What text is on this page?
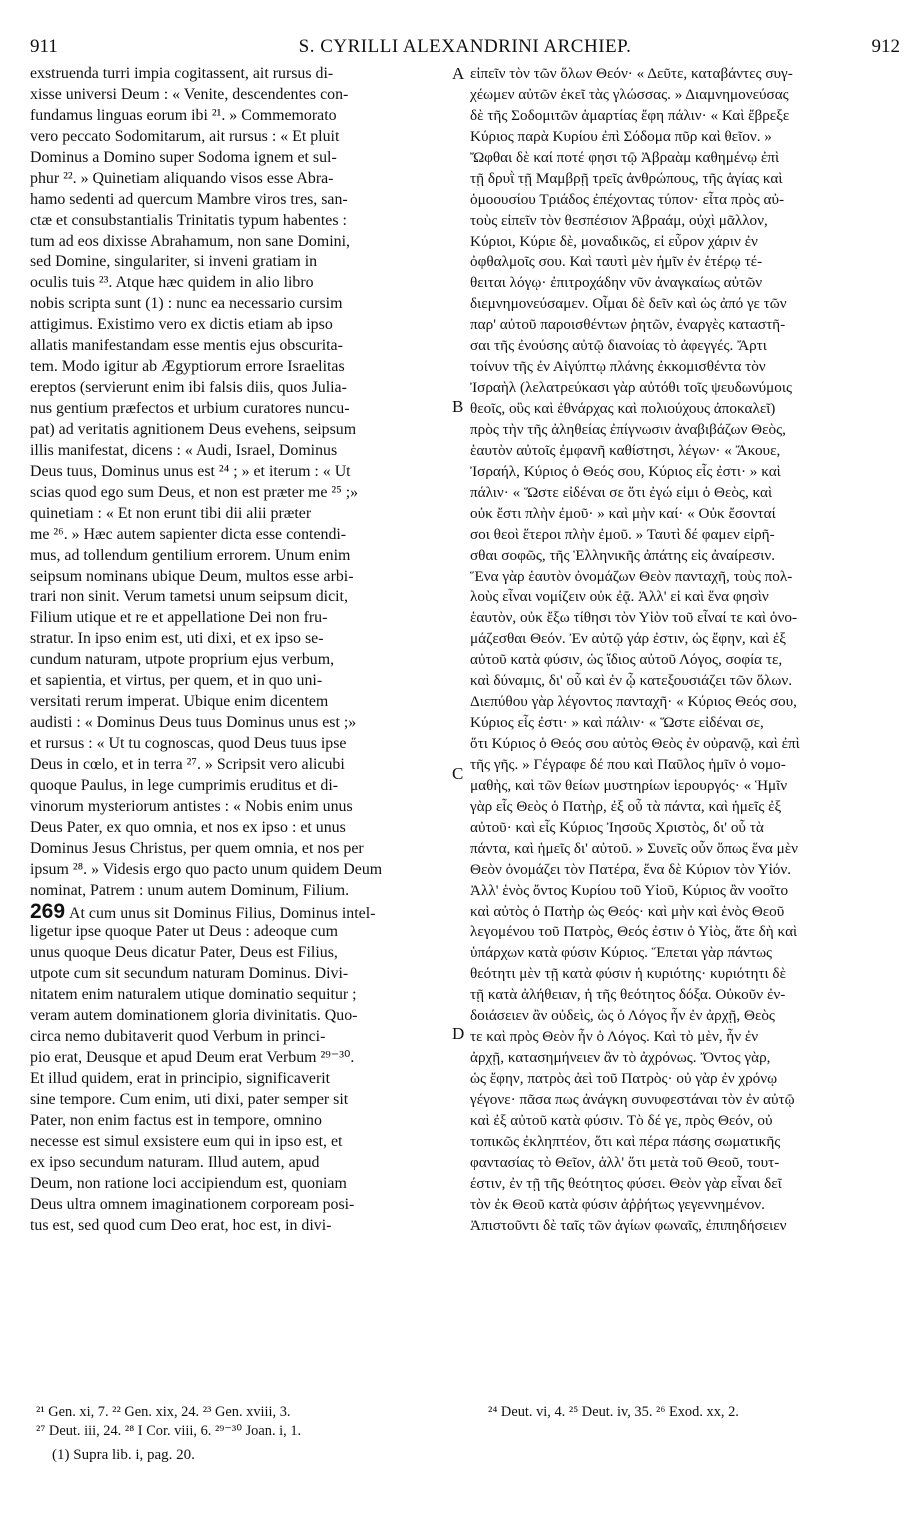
911	S. CYRILLI ALEXANDRINI ARCHIEP.	912
exstruenda turri impia cogitassent, ait rursus di-
xisse universi Deum : « Venite, descendentes con-
fundamus linguas eorum ibi ²¹. » Commemorato
vero peccato Sodomitarum, ait rursus : « Et pluit
Dominus a Domino super Sodoma ignem et sul-
phur ²². » Quinetiam aliquando visos esse Abra-
hamo sedenti ad quercum Mambre viros tres, san-
ctæ et consubstantialis Trinitatis typum habentes :
tum ad eos dixisse Abrahamum, non sane Domini,
sed Domine, singulariter, si inveni gratiam in
oculis tuis ²³. Atque hæc quidem in alio libro
nobis scripta sunt (1) : nunc ea necessario cursim
attigimus. Existimo vero ex dictis etiam ab ipso
allatis manifestandam esse mentis ejus obscurita-
tem. Modo igitur ab Ægyptiorum errore Israelitas
ereptos (servierunt enim ibi falsis diis, quos Julia-
nus gentium præfectos et urbium curatores nuncu-
pat) ad veritatis agnitionem Deus evehens, seipsum
illis manifestat, dicens : « Audi, Israel, Dominus
Deus tuus, Dominus unus est ²⁴ ; » et iterum : « Ut
scias quod ego sum Deus, et non est præter me ²⁵ ;»
quinetiam : « Et non erunt tibi dii alii præter
me ²⁶. » Hæc autem sapienter dicta esse contendi-
mus, ad tollendum gentilium errorem. Unum enim
seipsum nominans ubique Deum, multos esse arbi-
trari non sinit. Verum tametsi unum seipsum dicit,
Filium utique et re et appellatione Dei non fru-
stratur. In ipso enim est, uti dixi, et ex ipso se-
cundum naturam, utpote proprium ejus verbum,
et sapientia, et virtus, per quem, et in quo uni-
versitati rerum imperat. Ubique enim dicentem
audisti : « Dominus Deus tuus Dominus unus est ;»
et rursus : « Ut tu cognoscas, quod Deus tuus ipse
Deus in cœlo, et in terra ²⁷. » Scripsit vero alicubi
quoque Paulus, in lege cumprimis eruditus et di-
vinorum mysteriorum antistes : « Nobis enim unus
Deus Pater, ex quo omnia, et nos ex ipso : et unus
Dominus Jesus Christus, per quem omnia, et nos per
ipsum ²⁸. » Videsis ergo quo pacto unum quidem Deum
nominat, Patrem : unum autem Dominum, Filium.
269 At cum unus sit Dominus Filius, Dominus intel-
ligetur ipse quoque Pater ut Deus : adeoque cum
unus quoque Deus dicatur Pater, Deus est Filius,
utpote cum sit secundum naturam Dominus. Divi-
nitatem enim naturalem utique dominatio sequitur ;
veram autem dominationem gloria divinitatis. Quo-
circa nemo dubitaverit quod Verbum in princi-
pio erat, Deusque et apud Deum erat Verbum ²⁹⁻³⁰.
Et illud quidem, erat in principio, significaverit
sine tempore. Cum enim, uti dixi, pater semper sit
Pater, non enim factus est in tempore, omnino
necesse est simul exsistere eum qui in ipso est, et
ex ipso secundum naturam. Illud autem, apud
Deum, non ratione loci accipiendum est, quoniam
Deus ultra omnem imaginationem corpoream posi-
tus est, sed quod cum Deo erat, hoc est, in divi-
εἰπεῖν τὸν τῶν ὅλων Θεόν· « Δεῦτε, καταβάντες συγ-
χέωμεν αὐτῶν ἐκεῖ τὰς γλώσσας. » Διαμνημονεύσας
δὲ τῆς Σοδομιτῶν ἁμαρτίας ἔφη πάλιν· « Καὶ ἔβρεξε
Κύριος παρὰ Κυρίου ἐπὶ Σόδομα πῦρ καὶ θεῖον. »
Ὤφθαι δὲ καί ποτέ φησι τῷ Ἀβραὰμ καθημένῳ ἐπὶ
τῇ δρυῒ τῇ Μαμβρῇ τρεῖς ἀνθρώπους, τῆς ἁγίας καὶ
ὁμοουσίου Τριάδος ἐπέχοντας τύπον· εἶτα πρὸς αὐ-
τοὺς εἰπεῖν τὸν θεσπέσιον Ἀβραάμ, οὐχὶ μᾶλλον,
Κύριοι, Κύριε δὲ, μοναδικῶς, εἰ εὗρον χάριν ἐν
ὀφθαλμοῖς σου. Καὶ ταυτὶ μὲν ἡμῖν ἐν ἑτέρῳ τέ-
θειται λόγῳ· ἐπιτροχάδην νῦν ἀναγκαίως αὐτῶν
διεμνημονεύσαμεν. Οἶμαι δὲ δεῖν καὶ ὡς ἀπό γε τῶν
παρ' αὐτοῦ παροισθέντων ῥητῶν, ἐναργὲς καταστῆ-
σαι τῆς ἐνούσης αὐτῷ διανοίας τὸ ἀφεγγές. Ἄρτι
τοίνυν τῆς ἐν Αἰγύπτῳ πλάνης ἐκκομισθέντα τὸν
Ἰσραὴλ (λελατρεύκασι γὰρ αὐτόθι τοῖς ψευδωνύμοις
θεοῖς, οὓς καὶ ἐθνάρχας καὶ πολιούχους ἀποκαλεῖ)
πρὸς τὴν τῆς ἀληθείας ἐπίγνωσιν ἀναβιβάζων Θεὸς,
ἑαυτὸν αὐτοῖς ἐμφανῆ καθίστησι, λέγων· « Ἄκουε,
Ἰσραήλ, Κύριος ὁ Θεός σου, Κύριος εἷς ἐστι· » καὶ
πάλιν· « Ὥστε εἰδέναι σε ὅτι ἐγώ εἰμι ὁ Θεὸς, καὶ
οὐκ ἔστι πλὴν ἐμοῦ· » καὶ μὴν καί· « Οὐκ ἔσονταί
σοι θεοὶ ἕτεροι πλὴν ἐμοῦ. » Ταυτὶ δέ φαμεν εἰρῆ-
σθαι σοφῶς, τῆς Ἑλληνικῆς ἀπάτης εἰς ἀναίρεσιν.
Ἕνα γὰρ ἑαυτὸν ὀνομάζων Θεὸν πανταχῆ, τοὺς πολ-
λοὺς εἶναι νομίζειν οὐκ ἐᾷ. Ἀλλ' εἰ καὶ ἕνα φησὶν
ἑαυτὸν, οὐκ ἔξω τίθησι τὸν Υἱὸν τοῦ εἶναί τε καὶ ὀνο-
μάζεσθαι Θεόν. Ἐν αὐτῷ γάρ ἐστιν, ὡς ἔφην, καὶ ἐξ
αὐτοῦ κατὰ φύσιν, ὡς ἴδιος αὐτοῦ Λόγος, σοφία τε,
καὶ δύναμις, δι' οὗ καὶ ἐν ᾧ κατεξουσιάζει τῶν ὅλων.
Διεπύθου γὰρ λέγοντος πανταχῆ· « Κύριος Θεός σου,
Κύριος εἷς ἐστι· » καὶ πάλιν· « Ὥστε εἰδέναι σε,
ὅτι Κύριος ὁ Θεός σου αὐτὸς Θεὸς ἐν οὐρανῷ, καὶ ἐπὶ
τῆς γῆς. » Γέγραφε δέ που καὶ Παῦλος ἡμῖν ὁ νομο-
μαθὴς, καὶ τῶν θείων μυστηρίων ἱερουργός· « Ἡμῖν
γὰρ εἷς Θεὸς ὁ Πατὴρ, ἐξ οὗ τὰ πάντα, καὶ ἡμεῖς ἐξ
αὐτοῦ· καὶ εἷς Κύριος Ἰησοῦς Χριστὸς, δι' οὗ τὰ
πάντα, καὶ ἡμεῖς δι' αὐτοῦ. » Συνεῖς οὖν ὅπως ἕνα μὲν
Θεὸν ὀνομάζει τὸν Πατέρα, ἕνα δὲ Κύριον τὸν Υἱόν.
Ἀλλ' ἑνὸς ὄντος Κυρίου τοῦ Υἱοῦ, Κύριος ἂν νοοῖτο
καὶ αὐτὸς ὁ Πατὴρ ὡς Θεός· καὶ μὴν καὶ ἑνὸς Θεοῦ
λεγομένου τοῦ Πατρὸς, Θεός ἐστιν ὁ Υἱὸς, ἅτε δὴ καὶ
ὑπάρχων κατὰ φύσιν Κύριος. Ἕπεται γὰρ πάντως
θεότητι μὲν τῇ κατὰ φύσιν ἡ κυριότης· κυριότητι δὲ
τῇ κατὰ ἀλήθειαν, ἡ τῆς θεότητος δόξα. Οὐκοῦν ἐν-
δοιάσειεν ἂν οὐδεὶς, ὡς ὁ Λόγος ἦν ἐν ἀρχῇ, Θεὸς
τε καὶ πρὸς Θεὸν ἦν ὁ Λόγος. Καὶ τὸ μὲν, ἦν ἐν
ἀρχῇ, κατασημήνειεν ἂν τὸ ἀχρόνως. Ὄντος γὰρ,
ὡς ἔφην, πατρὸς ἀεὶ τοῦ Πατρὸς· οὐ γὰρ ἐν χρόνῳ
γέγονε· πᾶσα πως ἀνάγκη συνυφεστάναι τὸν ἐν αὐτῷ
καὶ ἐξ αὐτοῦ κατὰ φύσιν. Τὸ δέ γε, πρὸς Θεόν, οὐ
τοπικῶς ἐκληπτέον, ὅτι καὶ πέρα πάσης σωματικῆς
φαντασίας τὸ Θεῖον, ἀλλ' ὅτι μετὰ τοῦ Θεοῦ, τουτ-
έστιν, ἐν τῇ τῆς θεότητος φύσει. Θεὸν γὰρ εἶναι δεῖ
τὸν ἐκ Θεοῦ κατὰ φύσιν ἀῤῥήτως γεγεννημένον.
Ἀπιστοῦντι δὲ ταῖς τῶν ἁγίων φωναῖς, ἐπιπηδήσειεν
A
B
C
D
²¹ Gen. xi, 7. ²² Gen. xix, 24. ²³ Gen. xviii, 3.
²⁷ Deut. iii, 24. ²⁸ I Cor. viii, 6. ²⁹⁻³⁰ Joan. i, 1.
²⁴ Deut. vi, 4. ²⁵ Deut. iv, 35. ²⁶ Exod. xx, 2.
(1) Supra lib. i, pag. 20.
